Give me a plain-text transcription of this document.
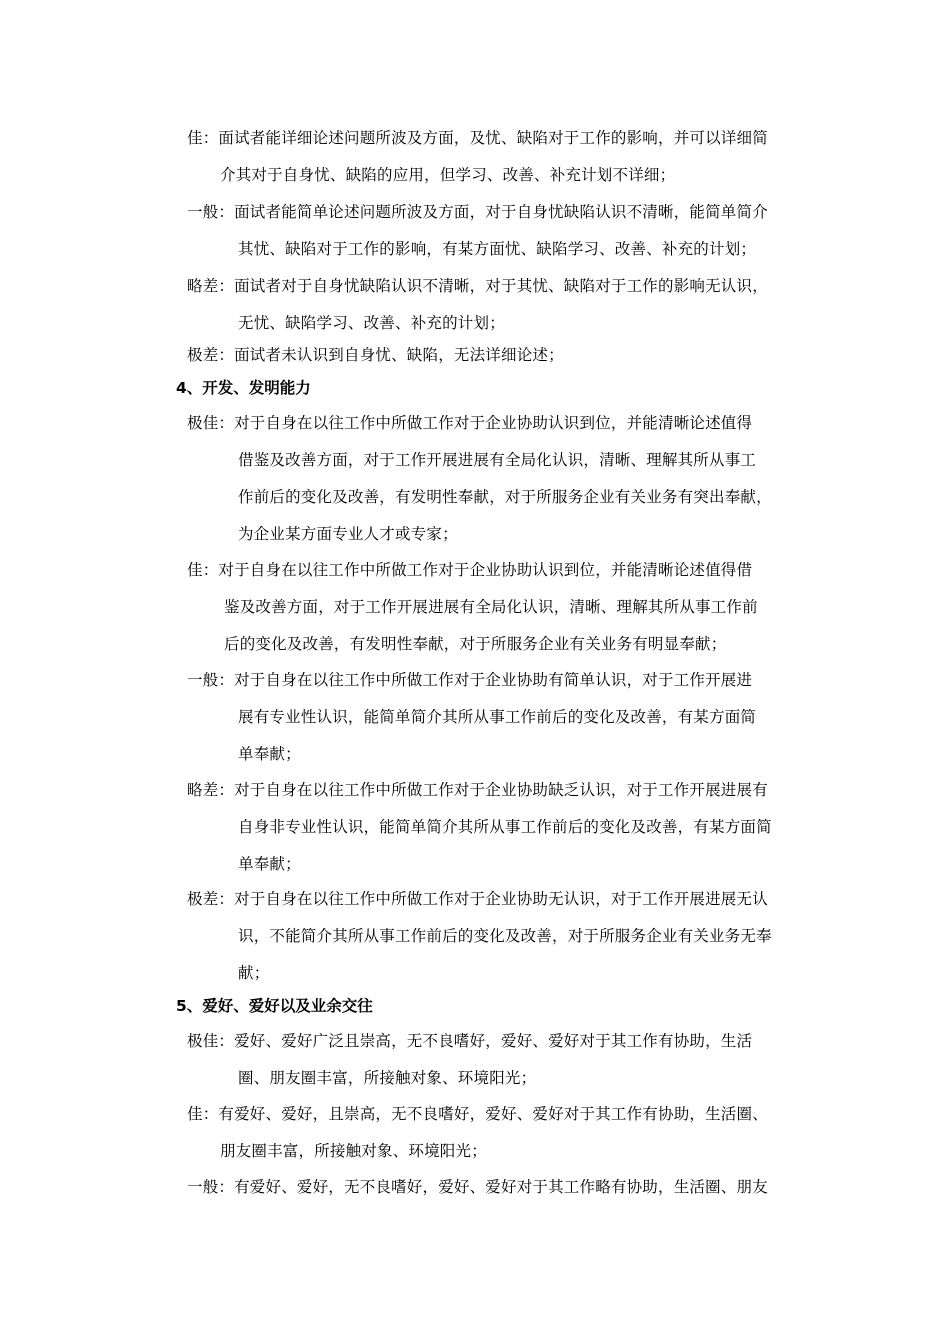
佳：面试者能详细论述问题所波及方面，及忧、缺陷对于工作的影响，并可以详细简
介其对于自身忧、缺陷的应用，但学习、改善、补充计划不详细；
一般：面试者能简单论述问题所波及方面，对于自身忧缺陷认识不清晰，能简单简介
其忧、缺陷对于工作的影响，有某方面忧、缺陷学习、改善、补充的计划；
略差：面试者对于自身忧缺陷认识不清晰，对于其忧、缺陷对于工作的影响无认识，
无忧、缺陷学习、改善、补充的计划；
极差：面试者未认识到自身忧、缺陷，无法详细论述；
4、开发、发明能力
极佳：对于自身在以往工作中所做工作对于企业协助认识到位，并能清晰论述值得
借鉴及改善方面，对于工作开展进展有全局化认识，清晰、理解其所从事工
作前后的变化及改善，有发明性奉献，对于所服务企业有关业务有突出奉献，
为企业某方面专业人才或专家；
佳：对于自身在以往工作中所做工作对于企业协助认识到位，并能清晰论述值得借
鉴及改善方面，对于工作开展进展有全局化认识，清晰、理解其所从事工作前
后的变化及改善，有发明性奉献，对于所服务企业有关业务有明显奉献；
一般：对于自身在以往工作中所做工作对于企业协助有简单认识，对于工作开展进
展有专业性认识，能简单简介其所从事工作前后的变化及改善，有某方面简
单奉献；
略差：对于自身在以往工作中所做工作对于企业协助缺乏认识，对于工作开展进展有
自身非专业性认识，能简单简介其所从事工作前后的变化及改善，有某方面简
单奉献；
极差：对于自身在以往工作中所做工作对于企业协助无认识，对于工作开展进展无认
识，不能简介其所从事工作前后的变化及改善，对于所服务企业有关业务无奉
献；
5、爱好、爱好以及业余交往
极佳：爱好、爱好广泛且崇高，无不良嗜好，爱好、爱好对于其工作有协助，生活
圈、朋友圈丰富，所接触对象、环境阳光；
佳：有爱好、爱好，且崇高，无不良嗜好，爱好、爱好对于其工作有协助，生活圈、
朋友圈丰富，所接触对象、环境阳光；
一般：有爱好、爱好，无不良嗜好，爱好、爱好对于其工作略有协助，生活圈、朋友
